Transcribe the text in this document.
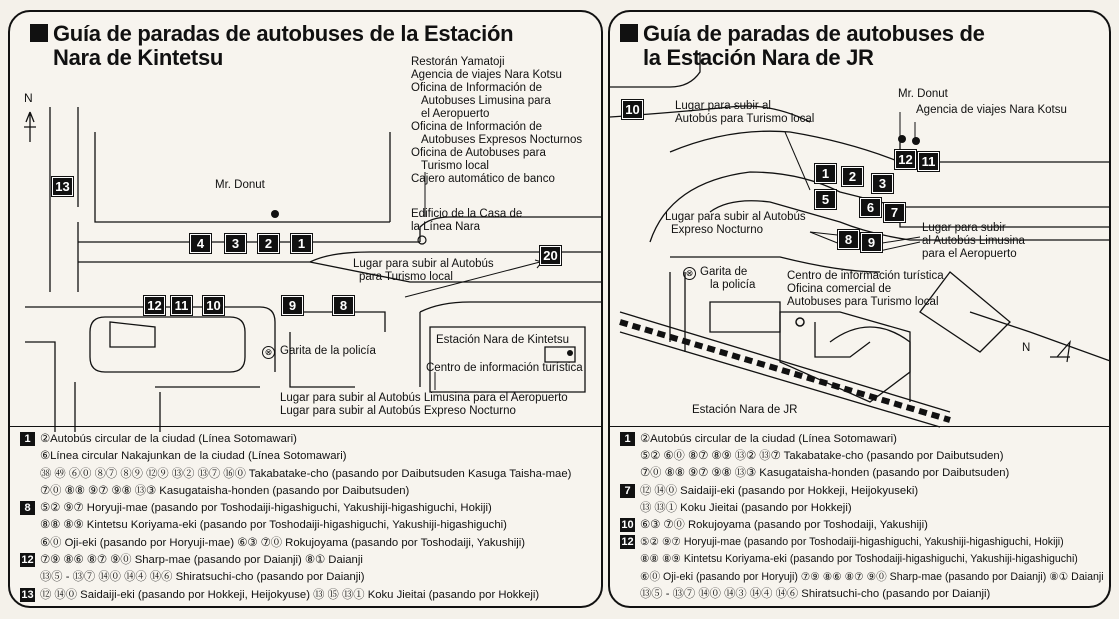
Guía de paradas de autobuses de la Estación
Nara de Kintetsu
N
13
4	3	2	1
20
12 11 10	9	8
Mr. Donut
Restorán Yamatoji
Agencia de viajes Nara Kotsu
Oficina de Información de
Autobuses Limusina para
el Aeropuerto
Oficina de Información de
Autobuses Expresos Nocturnos
Oficina de Autobuses para
Turismo local
Cajero automático de banco
Edificio de la Casa de
la Línea Nara
Lugar para subir al Autobús
para Turismo local
⊗ Garita de la policía
Estación Nara de Kintetsu
Centro de información turística
Lugar para subir al Autobús Limusina para el Aeropuerto
Lugar para subir al Autobús Expreso Nocturno
1 ②Autobús circular de la ciudad (Línea Sotomawari)
⑥Línea circular Nakajunkan de la ciudad (Línea Sotomawari)
㊳ ㊾ ⑥⓪ ⑧⑦ ⑧⑨ ⑫⑨ ⑬② ⑬⑦ ⑯⓪ Takabatake-cho (pasando por Daibutsuden Kasuga Taisha-mae)
⑦⓪ ⑧⑧ ⑨⑦ ⑨⑧ ⑬③ Kasugataisha-honden (pasando por Daibutsuden)
8 ⑤② ⑨⑦ Horyuji-mae (pasando por Toshodaiji-higashiguchi, Yakushiji-higashiguchi, Hokiji)
⑧⑧ ⑧⑨ Kintetsu Koriyama-eki (pasando por Toshodaiji-higashiguchi, Yakushiji-higashiguchi)
⑥⓪ Oji-eki (pasando por Horyuji-mae) ⑥③ ⑦⓪ Rokujoyama (pasando por Toshodaiji, Yakushiji)
12 ⑦⑨ ⑧⑥ ⑧⑦ ⑨⓪ Sharp-mae (pasando por Daianji) ⑧① Daianji
⑬⑤ - ⑬⑦ ⑭⓪ ⑭④ ⑭⑥ Shiratsuchi-cho (pasando por Daianji)
13 ⑫ ⑭⓪ Saidaiji-eki (pasando por Hokkeji, Heijokyuse) ⑬ ⑮ ⑬① Koku Jieitai (pasando por Hokkeji)
Guía de paradas de autobuses de
la Estación Nara de JR
10
1	2	3
5
6	7
8	9
12 11
Lugar para subir al
Autobús para Turismo local
Mr. Donut
Agencia de viajes Nara Kotsu
Lugar para subir al Autobús
Expreso Nocturno	Lugar para subir
al Autobús Limusina
para el Aeropuerto
⊗ Garita de
la policía
Centro de información turística
Oficina comercial de
Autobuses para Turismo local
N
Estación Nara de JR
1 ②Autobús circular de la ciudad (Línea Sotomawari)
⑤② ⑥⓪ ⑧⑦ ⑧⑨ ⑬② ⑬⑦ Takabatake-cho (pasando por Daibutsuden)
⑦⓪ ⑧⑧ ⑨⑦ ⑨⑧ ⑬③ Kasugataisha-honden (pasando por Daibutsuden)
7 ⑫ ⑭⓪ Saidaiji-eki (pasando por Hokkeji, Heijokyuseki)
⑬ ⑬① Koku Jieitai (pasando por Hokkeji)
10 ⑥③ ⑦⓪ Rokujoyama (pasando por Toshodaiji, Yakushiji)
12 ⑤② ⑨⑦ Horyuji-mae (pasando por Toshodaiji-higashiguchi, Yakushiji-higashiguchi, Hokiji)
⑧⑧ ⑧⑨ Kintetsu Koriyama-eki (pasando por Toshodaiji-higashiguchi, Yakushiji-higashiguchi)
⑥⓪ Oji-eki (pasando por Horyuji) ⑦⑨ ⑧⑥ ⑧⑦ ⑨⓪ Sharp-mae (pasando por Daianji) ⑧① Daianji
⑬⑤ - ⑬⑦ ⑭⓪ ⑭③ ⑭④ ⑭⑥ Shiratsuchi-cho (pasando por Daianji)
